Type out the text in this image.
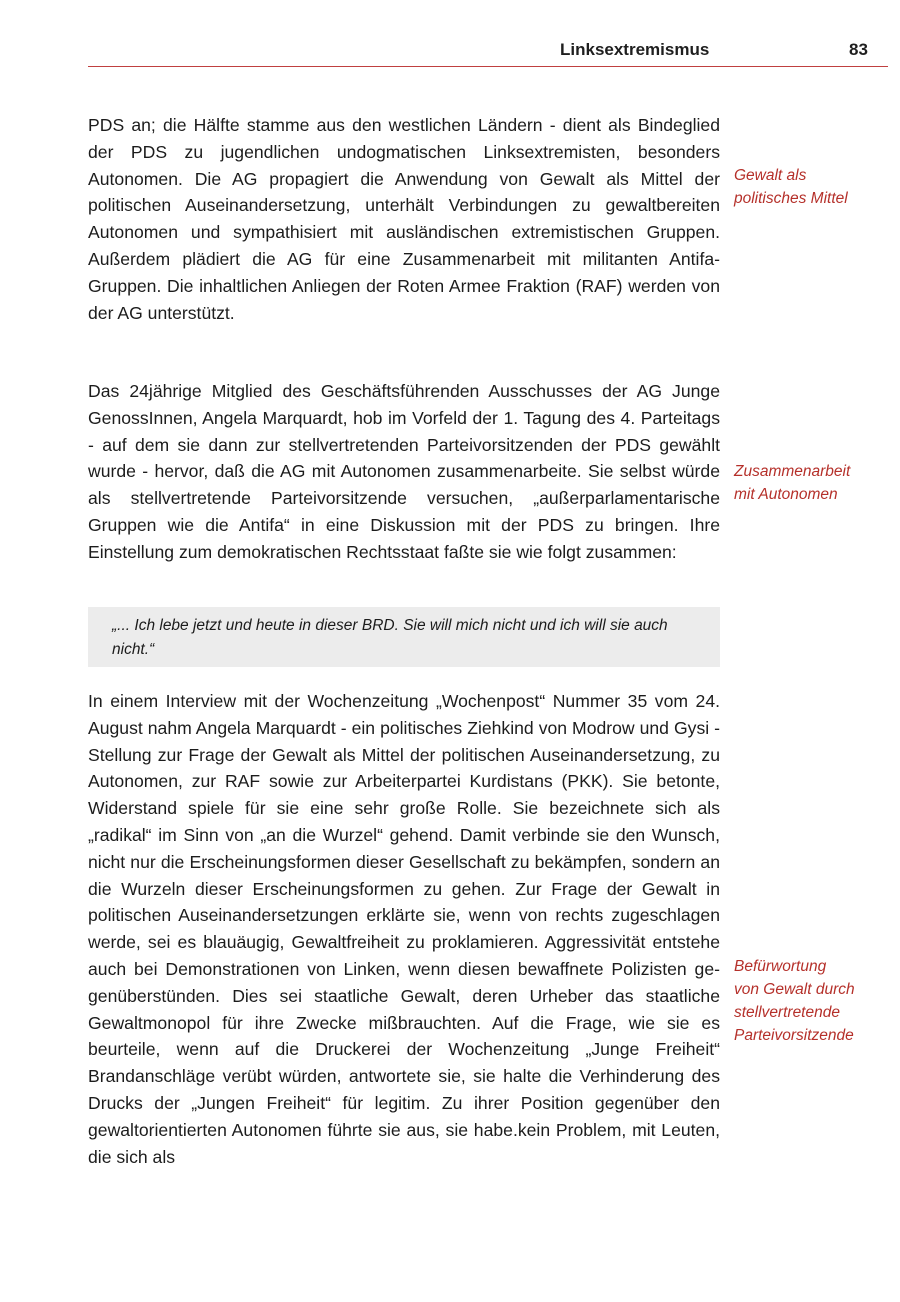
Linksextremismus	83

PDS an; die Hälfte stamme aus den westlichen Ländern - dient als Bindeglied der PDS zu jugendlichen undogmatischen Linksextremisten, besonders Autonomen. Die AG propagiert die Anwendung von Gewalt als Mittel der politischen Auseinandersetzung, unterhält Verbindungen zu gewaltbereiten Autonomen und sympathisiert mit ausländischen extremistischen Gruppen. Außerdem plädiert die AG für eine Zusammenarbeit mit militanten Antifa-Gruppen. Die inhaltlichen Anliegen der Roten Armee Fraktion (RAF) werden von der AG unterstützt.

Das 24jährige Mitglied des Geschäftsführenden Ausschusses der AG Junge GenossInnen, Angela Marquardt, hob im Vorfeld der 1. Tagung des 4. Parteitags - auf dem sie dann zur stellvertretenden Parteivorsitzenden der PDS gewählt wurde - hervor, daß die AG mit Autonomen zusammenarbeite. Sie selbst würde als stellvertretende Parteivorsitzende versuchen, „außerparlamentarische Gruppen wie die Antifa“ in eine Diskussion mit der PDS zu bringen. Ihre Einstellung zum demokratischen Rechtsstaat faßte sie wie folgt zusammen:

„... Ich lebe jetzt und heute in dieser BRD. Sie will mich nicht und ich will sie auch nicht.“

In einem Interview mit der Wochenzeitung „Wochenpost“ Nummer 35 vom 24. August nahm Angela Marquardt - ein politisches Ziehkind von Modrow und Gysi - Stellung zur Frage der Gewalt als Mittel der politischen Auseinandersetzung, zu Autonomen, zur RAF sowie zur Arbeiterpartei Kurdistans (PKK). Sie betonte, Widerstand spiele für sie eine sehr große Rolle. Sie bezeichnete sich als „radikal“ im Sinn von „an die Wurzel“ gehend. Damit verbinde sie den Wunsch, nicht nur die Erscheinungsformen dieser Gesellschaft zu bekämpfen, sondern an die Wurzeln dieser Erscheinungsformen zu gehen. Zur Frage der Gewalt in politischen Auseinandersetzungen erklärte sie, wenn von rechts zugeschlagen werde, sei es blauäugig, Gewaltfreiheit zu proklamieren. Aggressivität entstehe auch bei Demonstrationen von Linken, wenn diesen bewaffnete Polizisten gegenüberstünden. Dies sei staatliche Gewalt, deren Urheber das staatliche Gewaltmonopol für ihre Zwecke mißbrauchten. Auf die Frage, wie sie es beurteile, wenn auf die Druckerei der Wochenzeitung „Junge Freiheit“ Brandanschläge verübt würden, antwortete sie, sie halte die Verhinderung des Drucks der „Jungen Freiheit“ für legitim. Zu ihrer Position gegenüber den gewaltorientierten Autonomen führte sie aus, sie habe.kein Problem, mit Leuten, die sich als

Gewalt als
politisches Mittel
Zusammenarbeit
mit Autonomen
Befürwortung
von Gewalt durch
stellvertretende
Parteivorsitzende
